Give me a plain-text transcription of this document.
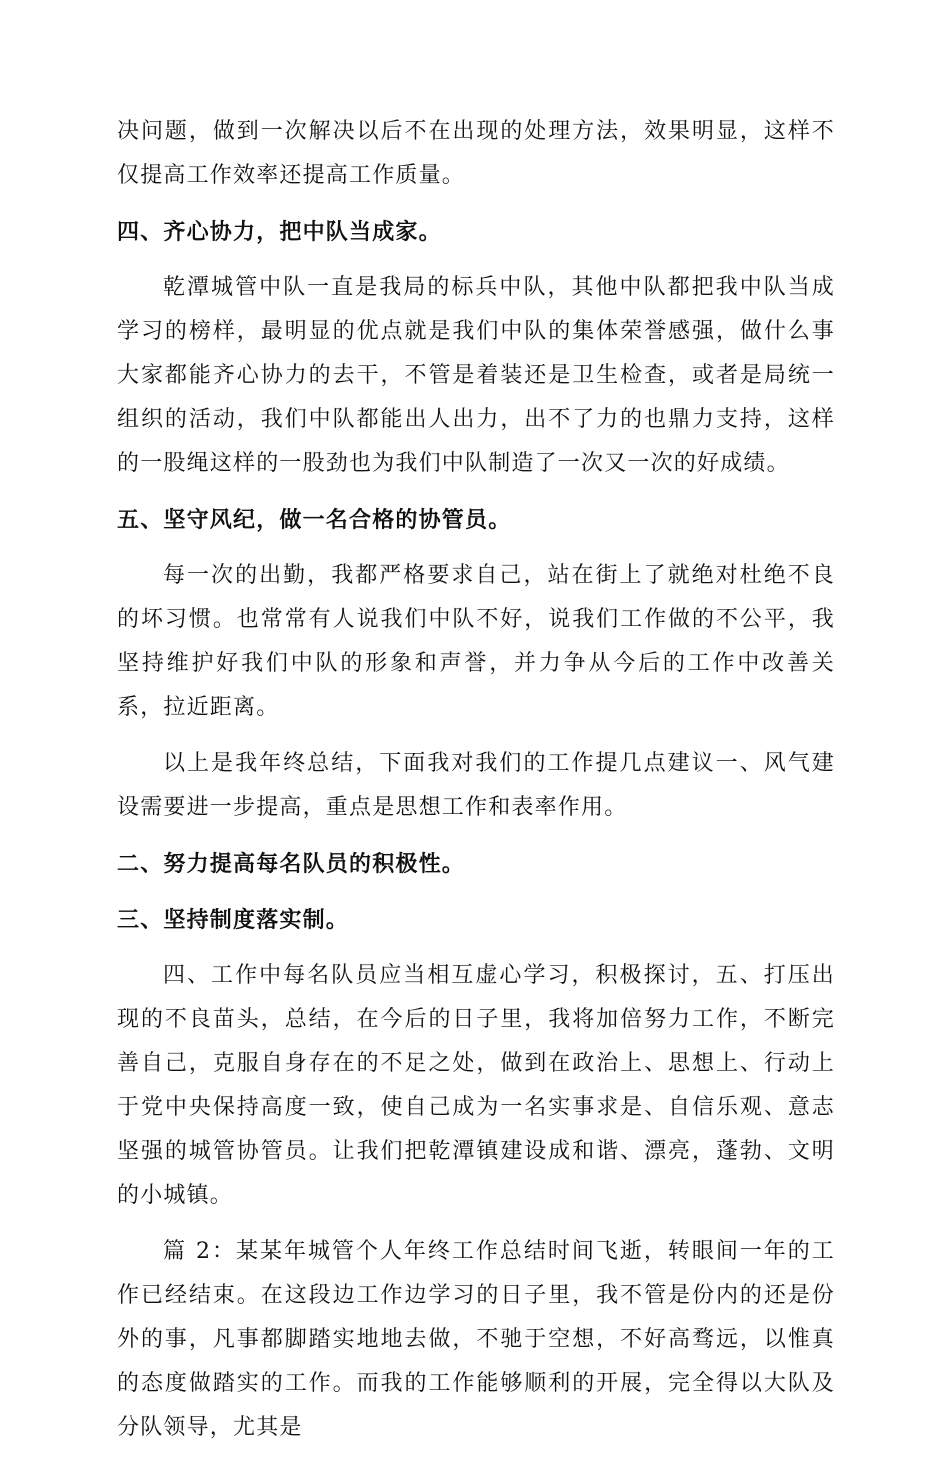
决问题，做到一次解决以后不在出现的处理方法，效果明显，这样不仅提高工作效率还提高工作质量。

四、齐心协力，把中队当成家。

乾潭城管中队一直是我局的标兵中队，其他中队都把我中队当成学习的榜样，最明显的优点就是我们中队的集体荣誉感强，做什么事大家都能齐心协力的去干，不管是着装还是卫生检查，或者是局统一组织的活动，我们中队都能出人出力，出不了力的也鼎力支持，这样的一股绳这样的一股劲也为我们中队制造了一次又一次的好成绩。

五、坚守风纪，做一名合格的协管员。

每一次的出勤，我都严格要求自己，站在街上了就绝对杜绝不良的坏习惯。也常常有人说我们中队不好，说我们工作做的不公平，我坚持维护好我们中队的形象和声誉，并力争从今后的工作中改善关系，拉近距离。

以上是我年终总结，下面我对我们的工作提几点建议一、风气建设需要进一步提高，重点是思想工作和表率作用。

二、努力提高每名队员的积极性。

三、坚持制度落实制。

四、工作中每名队员应当相互虚心学习，积极探讨，五、打压出现的不良苗头，总结，在今后的日子里，我将加倍努力工作，不断完善自己，克服自身存在的不足之处，做到在政治上、思想上、行动上于党中央保持高度一致，使自己成为一名实事求是、自信乐观、意志坚强的城管协管员。让我们把乾潭镇建设成和谐、漂亮，蓬勃、文明的小城镇。

篇 2：某某年城管个人年终工作总结时间飞逝，转眼间一年的工作已经结束。在这段边工作边学习的日子里，我不管是份内的还是份外的事，凡事都脚踏实地地去做，不驰于空想，不好高骛远，以惟真的态度做踏实的工作。而我的工作能够顺利的开展，完全得以大队及分队领导，尤其是
